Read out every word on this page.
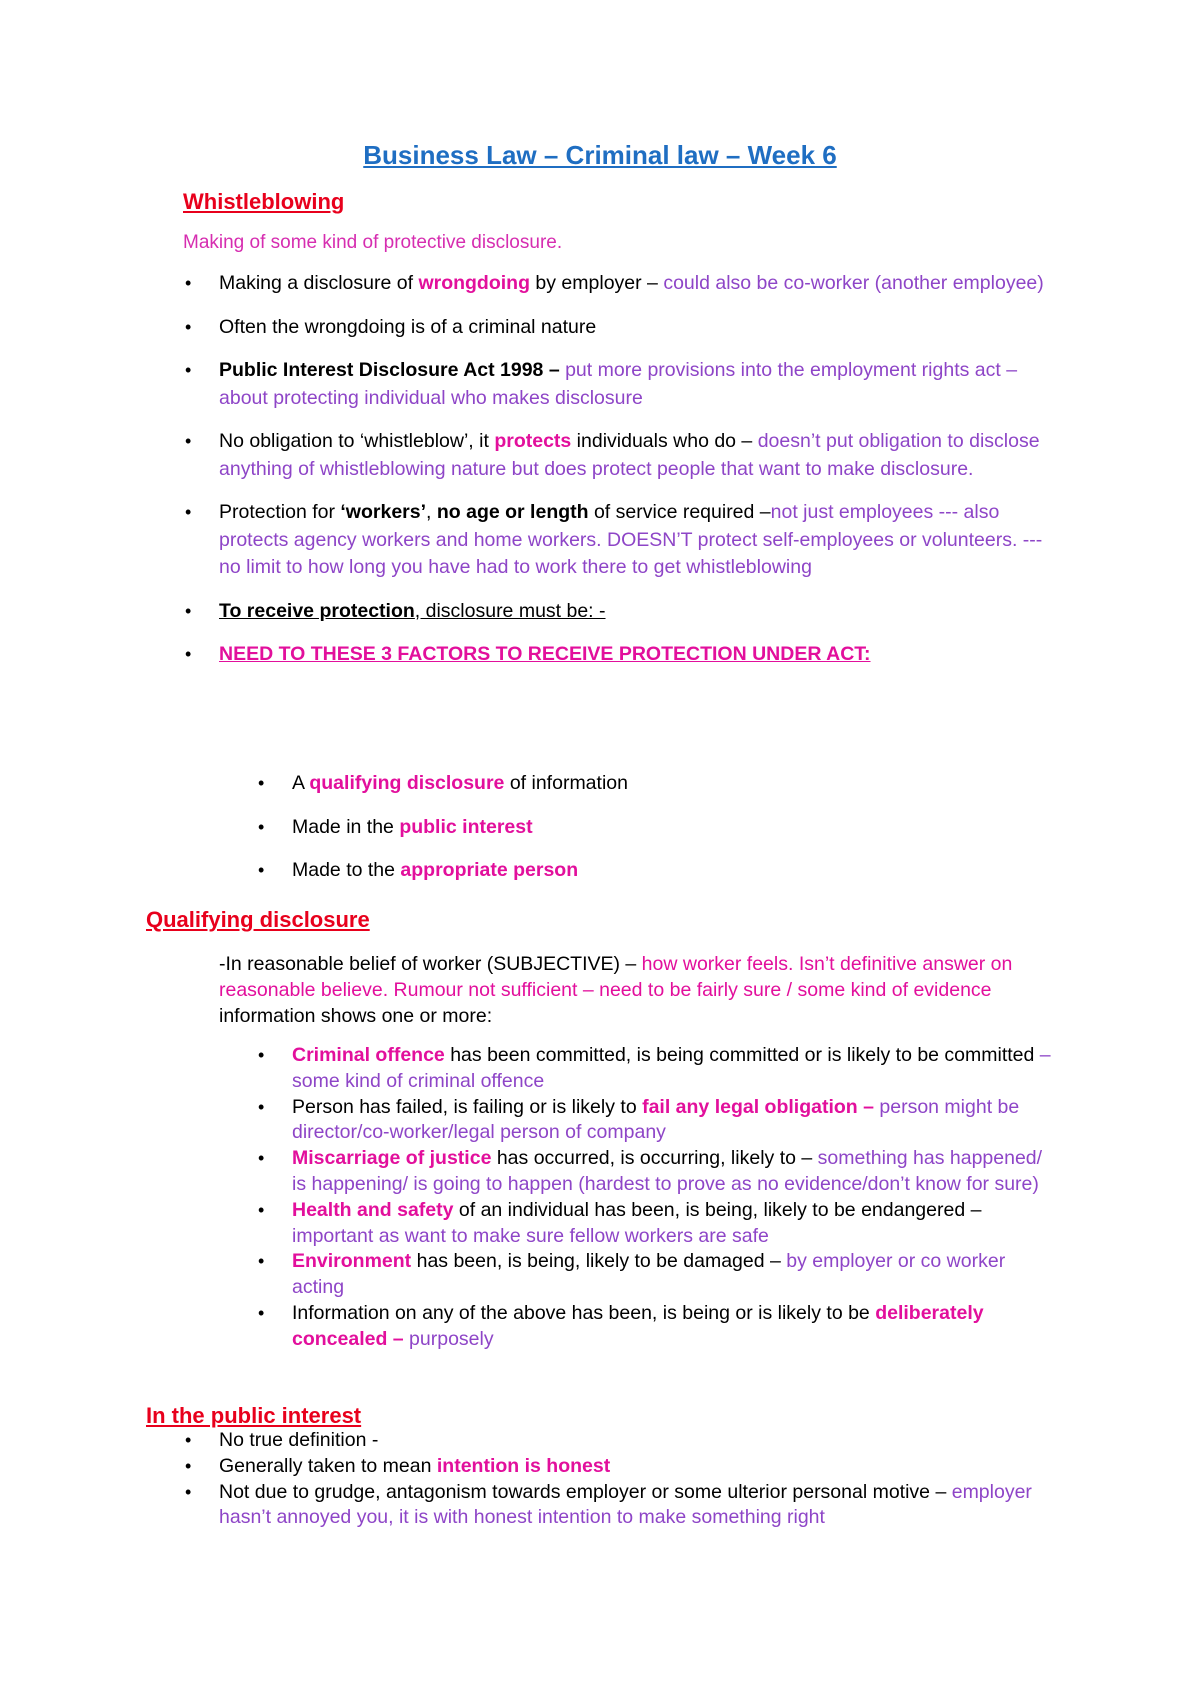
Business Law – Criminal law – Week 6
Whistleblowing
Making of some kind of protective disclosure.
• Making a disclosure of wrongdoing by employer – could also be co-worker (another employee)
• Often the wrongdoing is of a criminal nature
• Public Interest Disclosure Act 1998 – put more provisions into the employment rights act – about protecting individual who makes disclosure
• No obligation to ‘whistleblow’, it protects individuals who do – doesn’t put obligation to disclose anything of whistleblowing nature but does protect people that want to make disclosure.
• Protection for ‘workers’, no age or length of service required –not just employees --- also protects agency workers and home workers. DOESN’T protect self-employees or volunteers. --- no limit to how long you have had to work there to get whistleblowing
• To receive protection, disclosure must be: -
• NEED TO THESE 3 FACTORS TO RECEIVE PROTECTION UNDER ACT:
• A qualifying disclosure of information
• Made in the public interest
• Made to the appropriate person
Qualifying disclosure
-In reasonable belief of worker (SUBJECTIVE) – how worker feels. Isn’t definitive answer on reasonable believe. Rumour not sufficient – need to be fairly sure / some kind of evidence information shows one or more:
• Criminal offence has been committed, is being committed or is likely to be committed – some kind of criminal offence
• Person has failed, is failing or is likely to fail any legal obligation – person might be director/co-worker/legal person of company
• Miscarriage of justice has occurred, is occurring, likely to – something has happened/ is happening/ is going to happen (hardest to prove as no evidence/don’t know for sure)
• Health and safety of an individual has been, is being, likely to be endangered – important as want to make sure fellow workers are safe
• Environment has been, is being, likely to be damaged – by employer or co worker acting
• Information on any of the above has been, is being or is likely to be deliberately concealed – purposely
In the public interest
• No true definition -
• Generally taken to mean intention is honest
• Not due to grudge, antagonism towards employer or some ulterior personal motive – employer hasn’t annoyed you, it is with honest intention to make something right
